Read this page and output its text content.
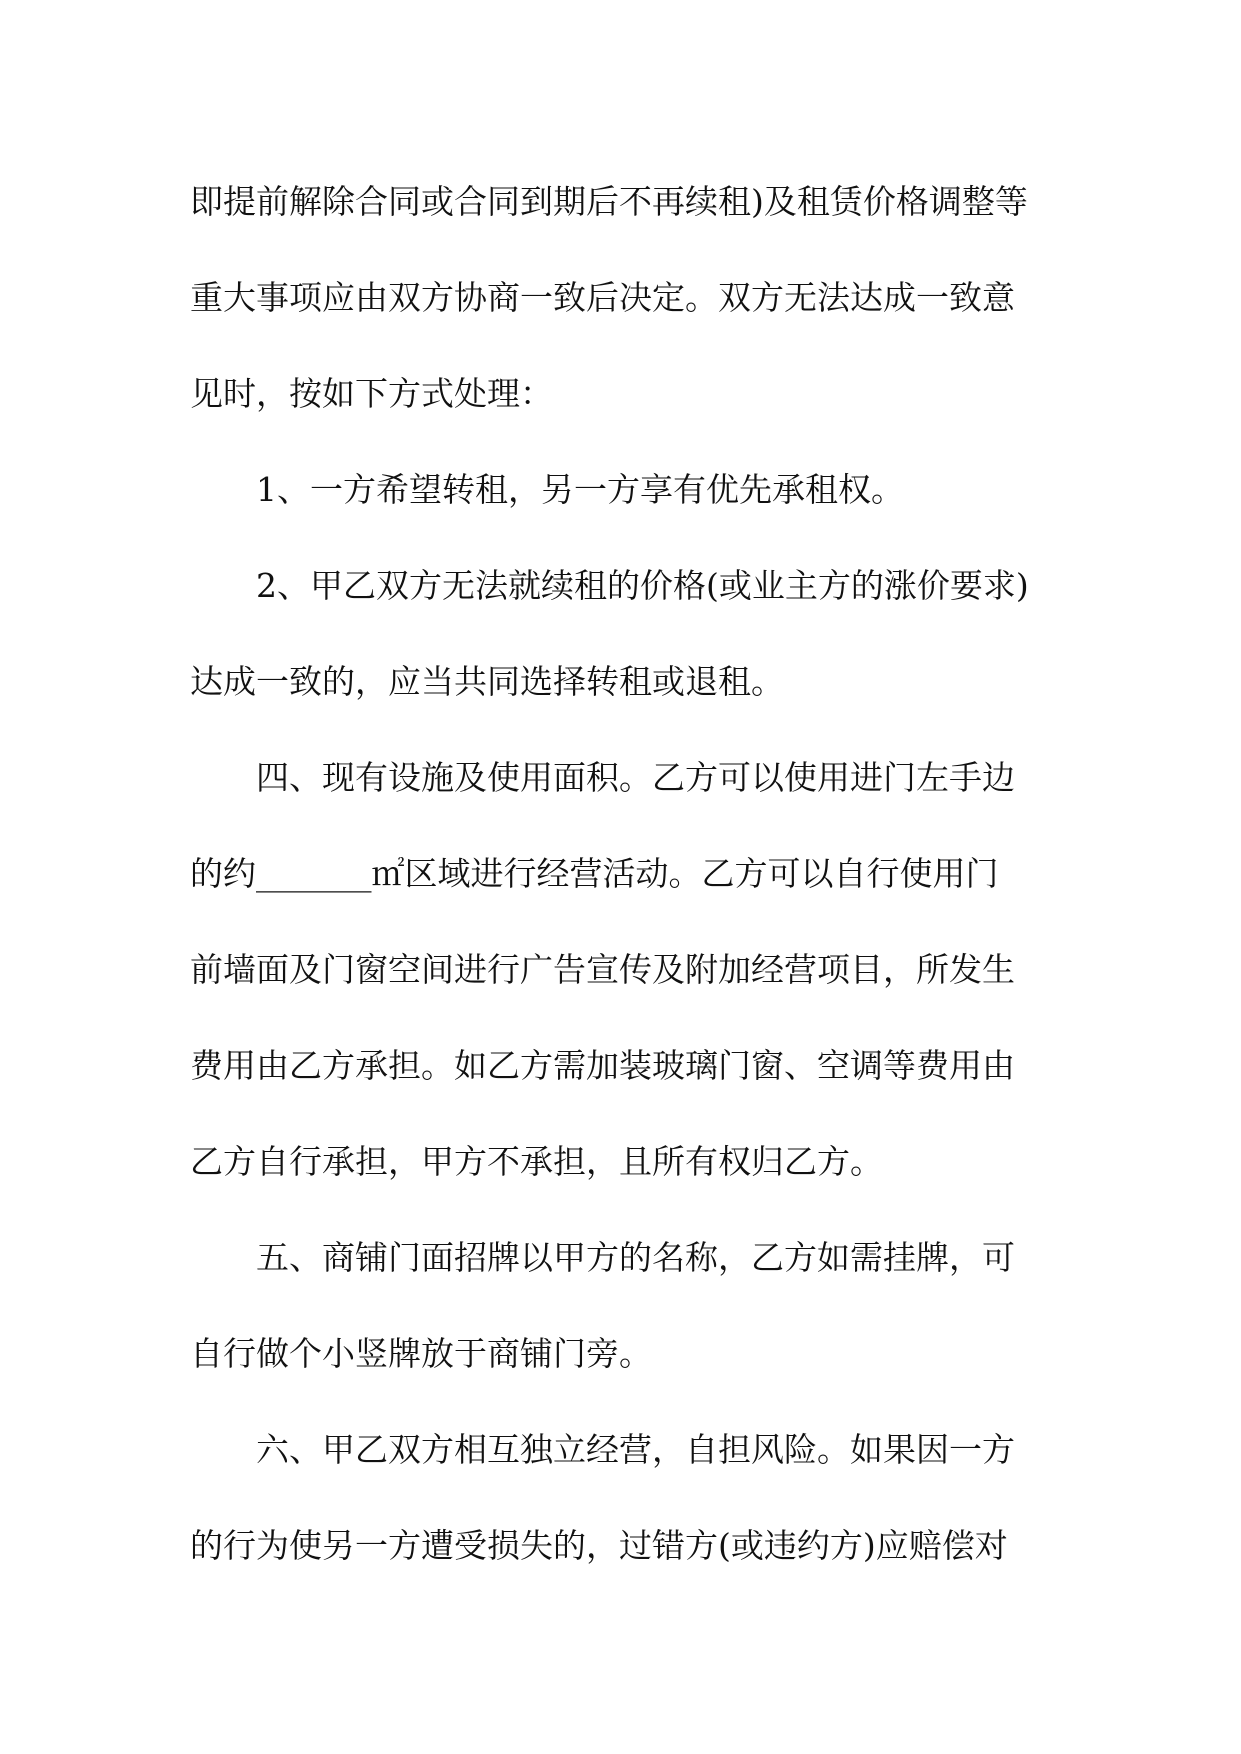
即提前解除合同或合同到期后不再续租)及租赁价格调整等
重大事项应由双方协商一致后决定。双方无法达成一致意
见时，按如下方式处理：
1、一方希望转租，另一方享有优先承租权。
2、甲乙双方无法就续租的价格(或业主方的涨价要求)
达成一致的，应当共同选择转租或退租。
四、现有设施及使用面积。乙方可以使用进门左手边
的约_______㎡区域进行经营活动。乙方可以自行使用门
前墙面及门窗空间进行广告宣传及附加经营项目，所发生
费用由乙方承担。如乙方需加装玻璃门窗、空调等费用由
乙方自行承担，甲方不承担，且所有权归乙方。
五、商铺门面招牌以甲方的名称，乙方如需挂牌，可
自行做个小竖牌放于商铺门旁。
六、甲乙双方相互独立经营，自担风险。如果因一方
的行为使另一方遭受损失的，过错方(或违约方)应赔偿对
